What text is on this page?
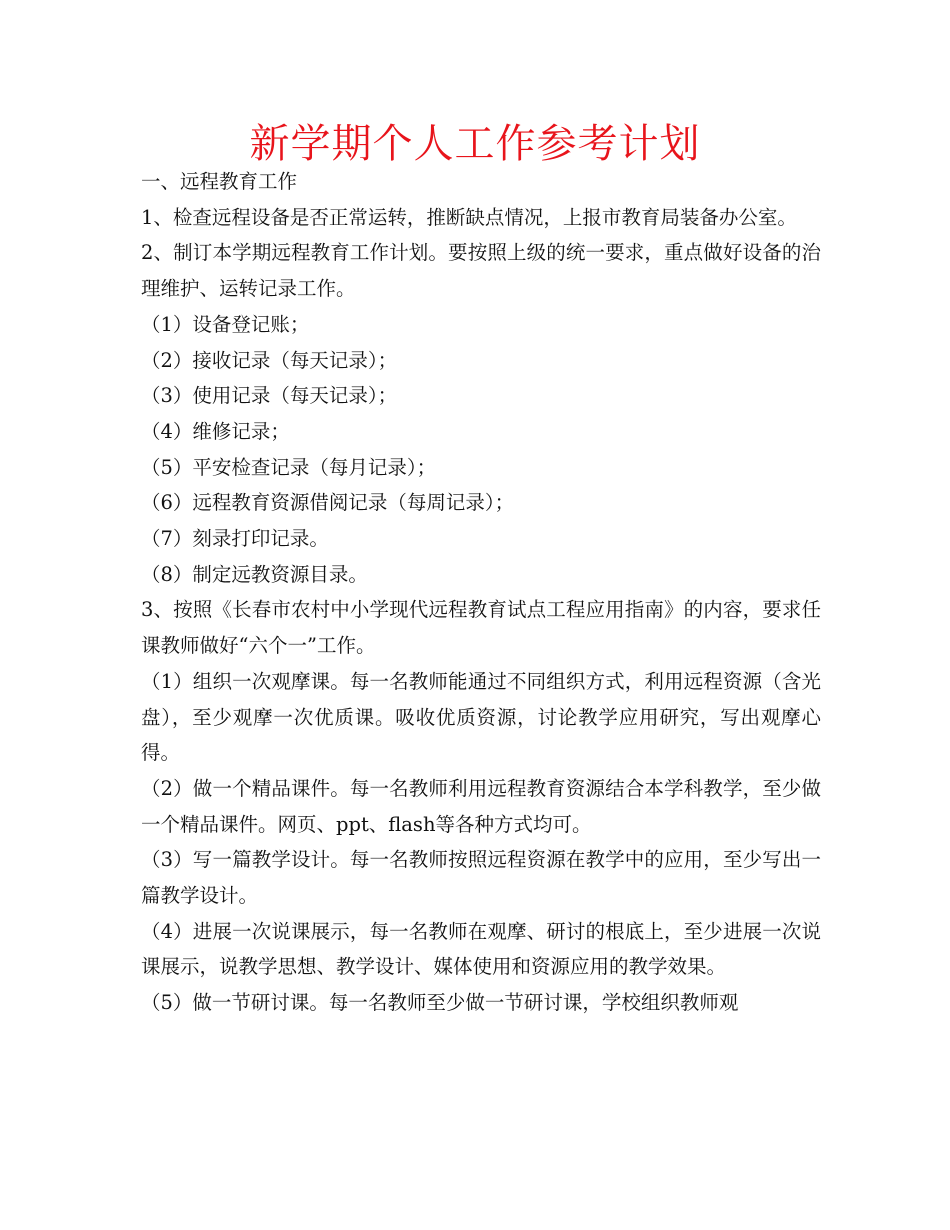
新学期个人工作参考计划

一、远程教育工作

1、检查远程设备是否正常运转，推断缺点情况，上报市教育局装备办公室。

2、制订本学期远程教育工作计划。要按照上级的统一要求，重点做好设备的治理维护、运转记录工作。

（1）设备登记账；

（2）接收记录（每天记录）；

（3）使用记录（每天记录）；

（4）维修记录；

（5）平安检查记录（每月记录）；

（6）远程教育资源借阅记录（每周记录）；

（7）刻录打印记录。

（8）制定远教资源目录。

3、按照《长春市农村中小学现代远程教育试点工程应用指南》的内容，要求任课教师做好“六个一”工作。

（1）组织一次观摩课。每一名教师能通过不同组织方式，利用远程资源（含光盘），至少观摩一次优质课。吸收优质资源，讨论教学应用研究，写出观摩心得。

（2）做一个精品课件。每一名教师利用远程教育资源结合本学科教学，至少做一个精品课件。网页、ppt、flash等各种方式均可。

（3）写一篇教学设计。每一名教师按照远程资源在教学中的应用，至少写出一篇教学设计。

（4）进展一次说课展示，每一名教师在观摩、研讨的根底上，至少进展一次说课展示，说教学思想、教学设计、媒体使用和资源应用的教学效果。

（5）做一节研讨课。每一名教师至少做一节研讨课，学校组织教师观
